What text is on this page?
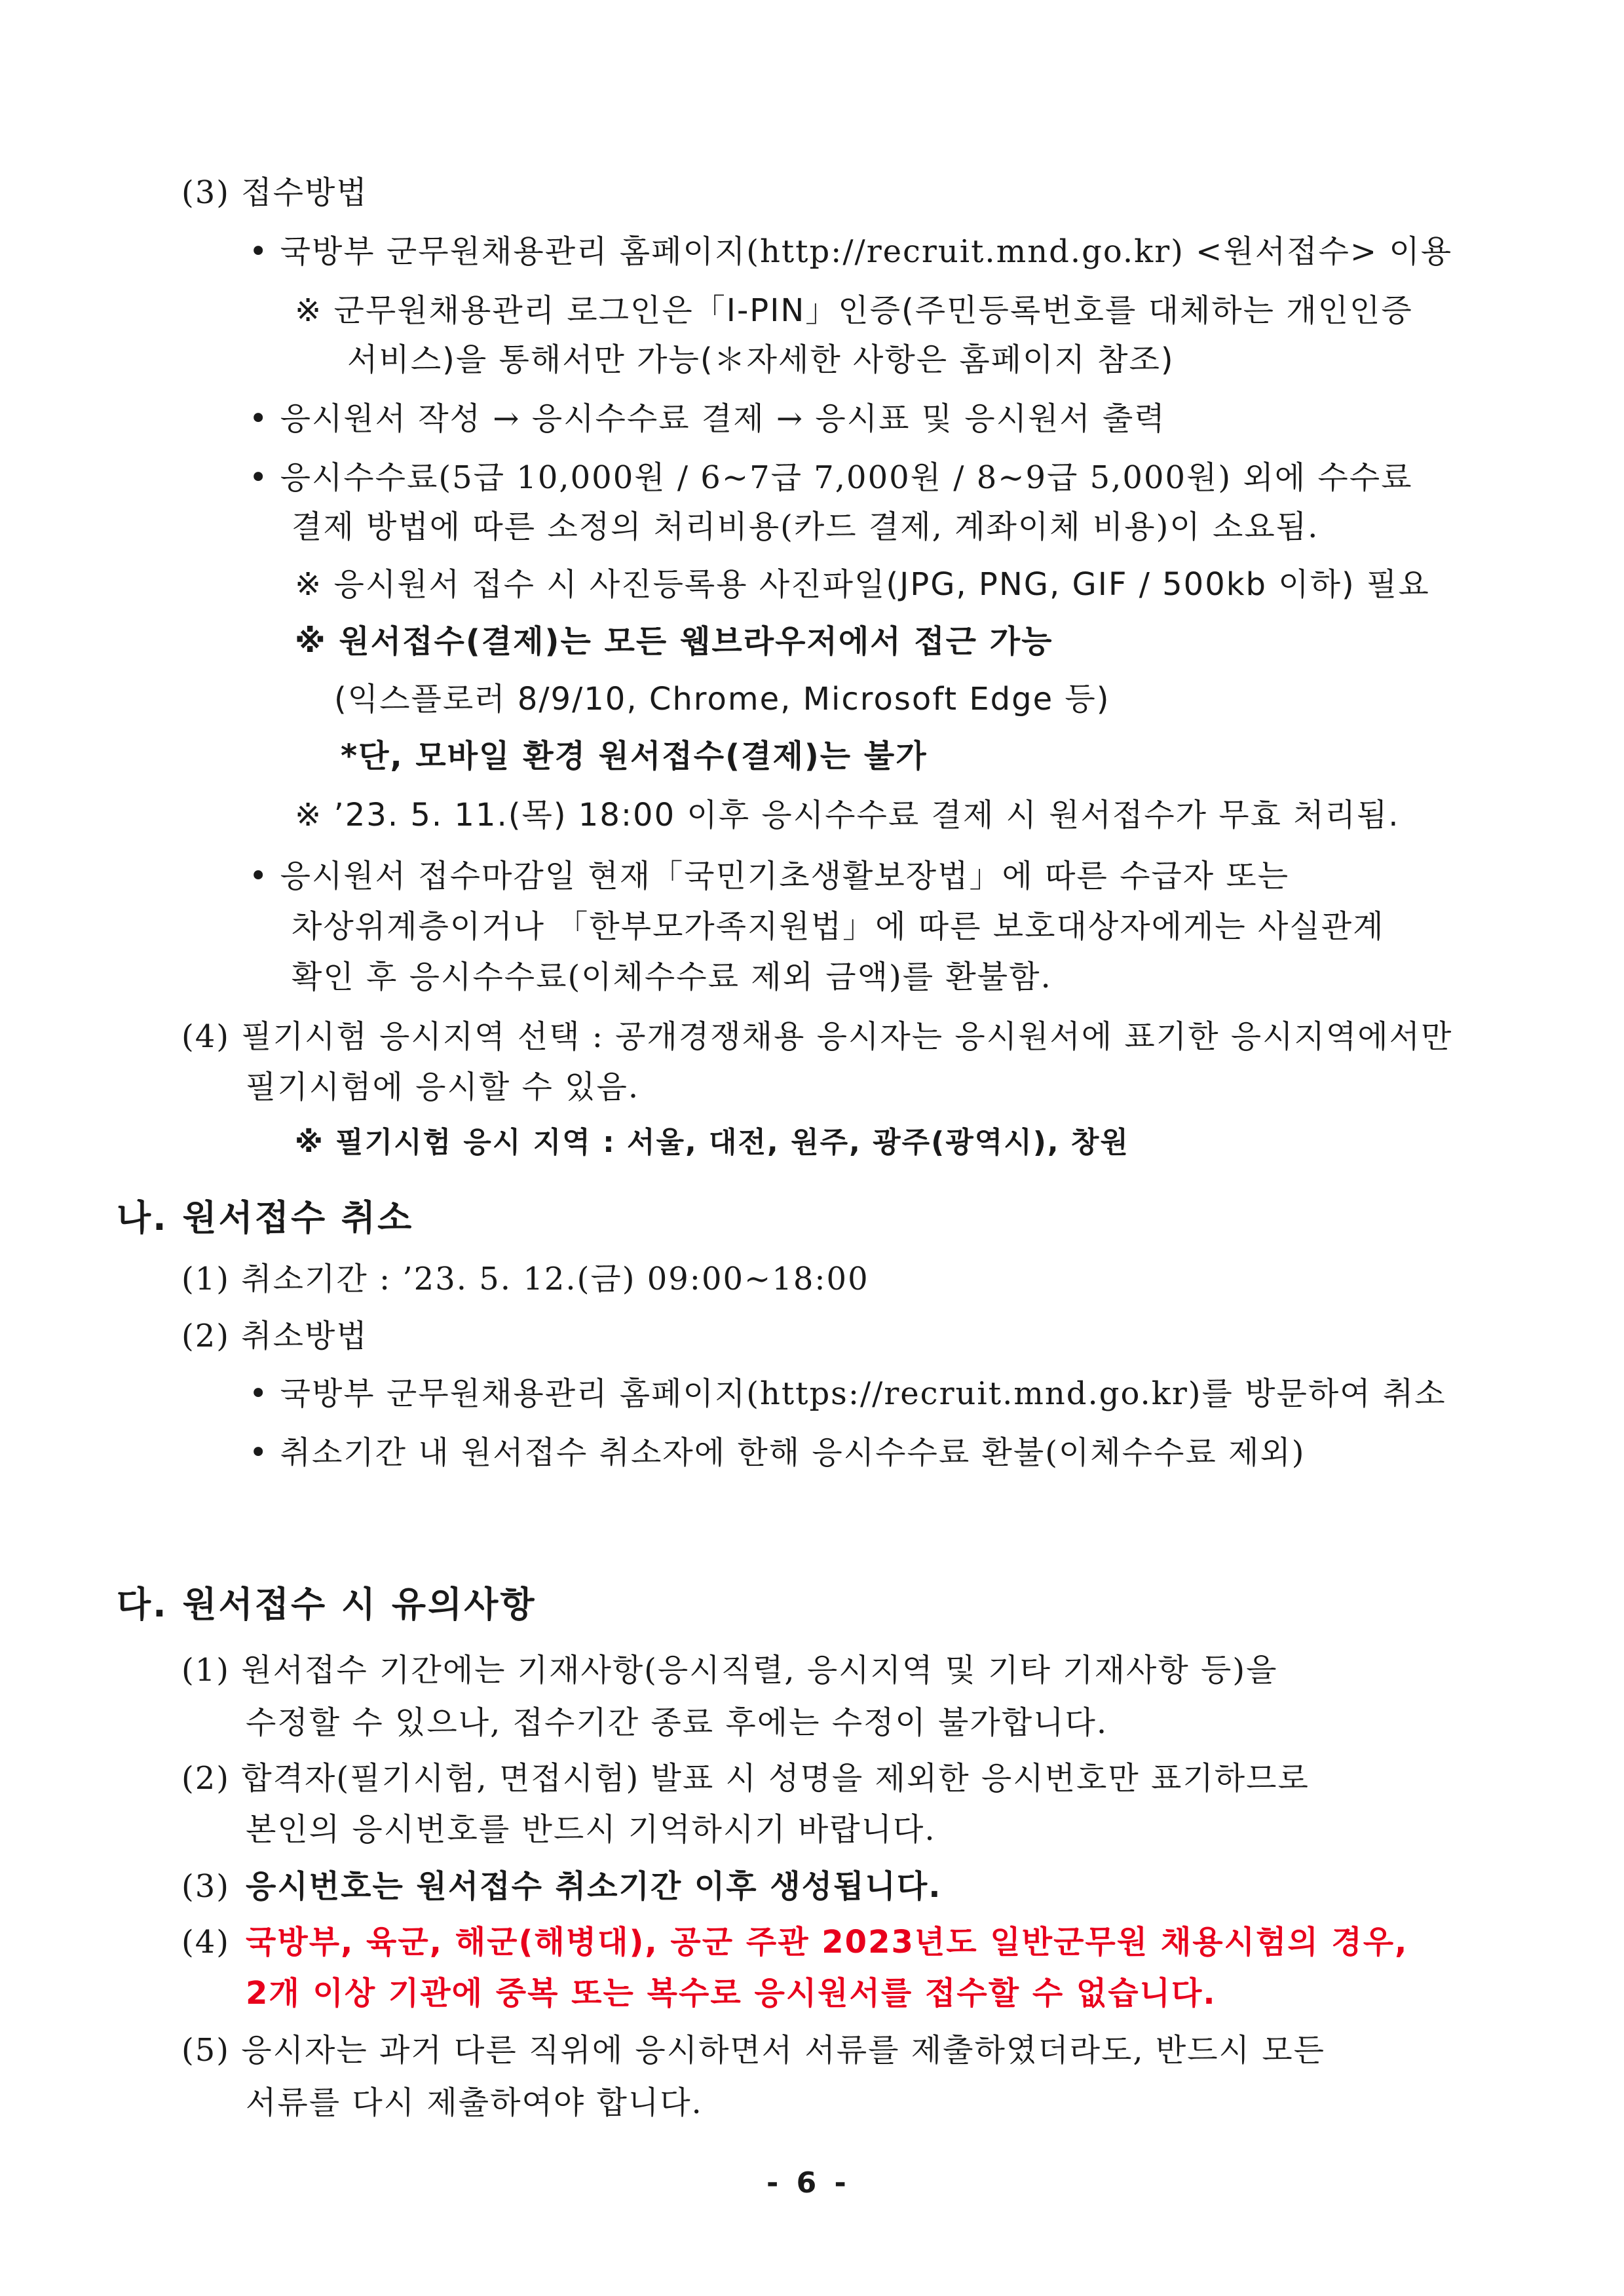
(3) 접수방법
• 국방부 군무원채용관리 홈페이지(http://recruit.mnd.go.kr) <원서접수> 이용
※ 군무원채용관리 로그인은「I-PIN」인증(주민등록번호를 대체하는 개인인증
서비스)을 통해서만 가능(＊자세한 사항은 홈페이지 참조)
• 응시원서 작성 → 응시수수료 결제 → 응시표 및 응시원서 출력
• 응시수수료(5급 10,000원 / 6∼7급 7,000원 / 8∼9급 5,000원) 외에 수수료
결제 방법에 따른 소정의 처리비용(카드 결제, 계좌이체 비용)이 소요됨.
※ 응시원서 접수 시 사진등록용 사진파일(JPG, PNG, GIF / 500kb 이하) 필요
※ 원서접수(결제)는 모든 웹브라우저에서 접근 가능
(익스플로러 8/9/10, Chrome, Microsoft Edge 등)
*단, 모바일 환경 원서접수(결제)는 불가
※ ’23. 5. 11.(목) 18:00 이후 응시수수료 결제 시 원서접수가 무효 처리됨.
• 응시원서 접수마감일 현재「국민기초생활보장법」에 따른 수급자 또는
차상위계층이거나 「한부모가족지원법」에 따른 보호대상자에게는 사실관계
확인 후 응시수수료(이체수수료 제외 금액)를 환불함.
(4) 필기시험 응시지역 선택 : 공개경쟁채용 응시자는 응시원서에 표기한 응시지역에서만
필기시험에 응시할 수 있음.
※ 필기시험 응시 지역 : 서울, 대전, 원주, 광주(광역시), 창원
나. 원서접수 취소
(1) 취소기간 : ’23. 5. 12.(금) 09:00∼18:00
(2) 취소방법
• 국방부 군무원채용관리 홈페이지(https://recruit.mnd.go.kr)를 방문하여 취소
• 취소기간 내 원서접수 취소자에 한해 응시수수료 환불(이체수수료 제외)
다. 원서접수 시 유의사항
(1) 원서접수 기간에는 기재사항(응시직렬, 응시지역 및 기타 기재사항 등)을
수정할 수 있으나, 접수기간 종료 후에는 수정이 불가합니다.
(2) 합격자(필기시험, 면접시험) 발표 시 성명을 제외한 응시번호만 표기하므로
본인의 응시번호를 반드시 기억하시기 바랍니다.
(3) 응시번호는 원서접수 취소기간 이후 생성됩니다.
(4) 국방부, 육군, 해군(해병대), 공군 주관 2023년도 일반군무원 채용시험의 경우,
2개 이상 기관에 중복 또는 복수로 응시원서를 접수할 수 없습니다.
(5) 응시자는 과거 다른 직위에 응시하면서 서류를 제출하였더라도, 반드시 모든
서류를 다시 제출하여야 합니다.
- 6 -
